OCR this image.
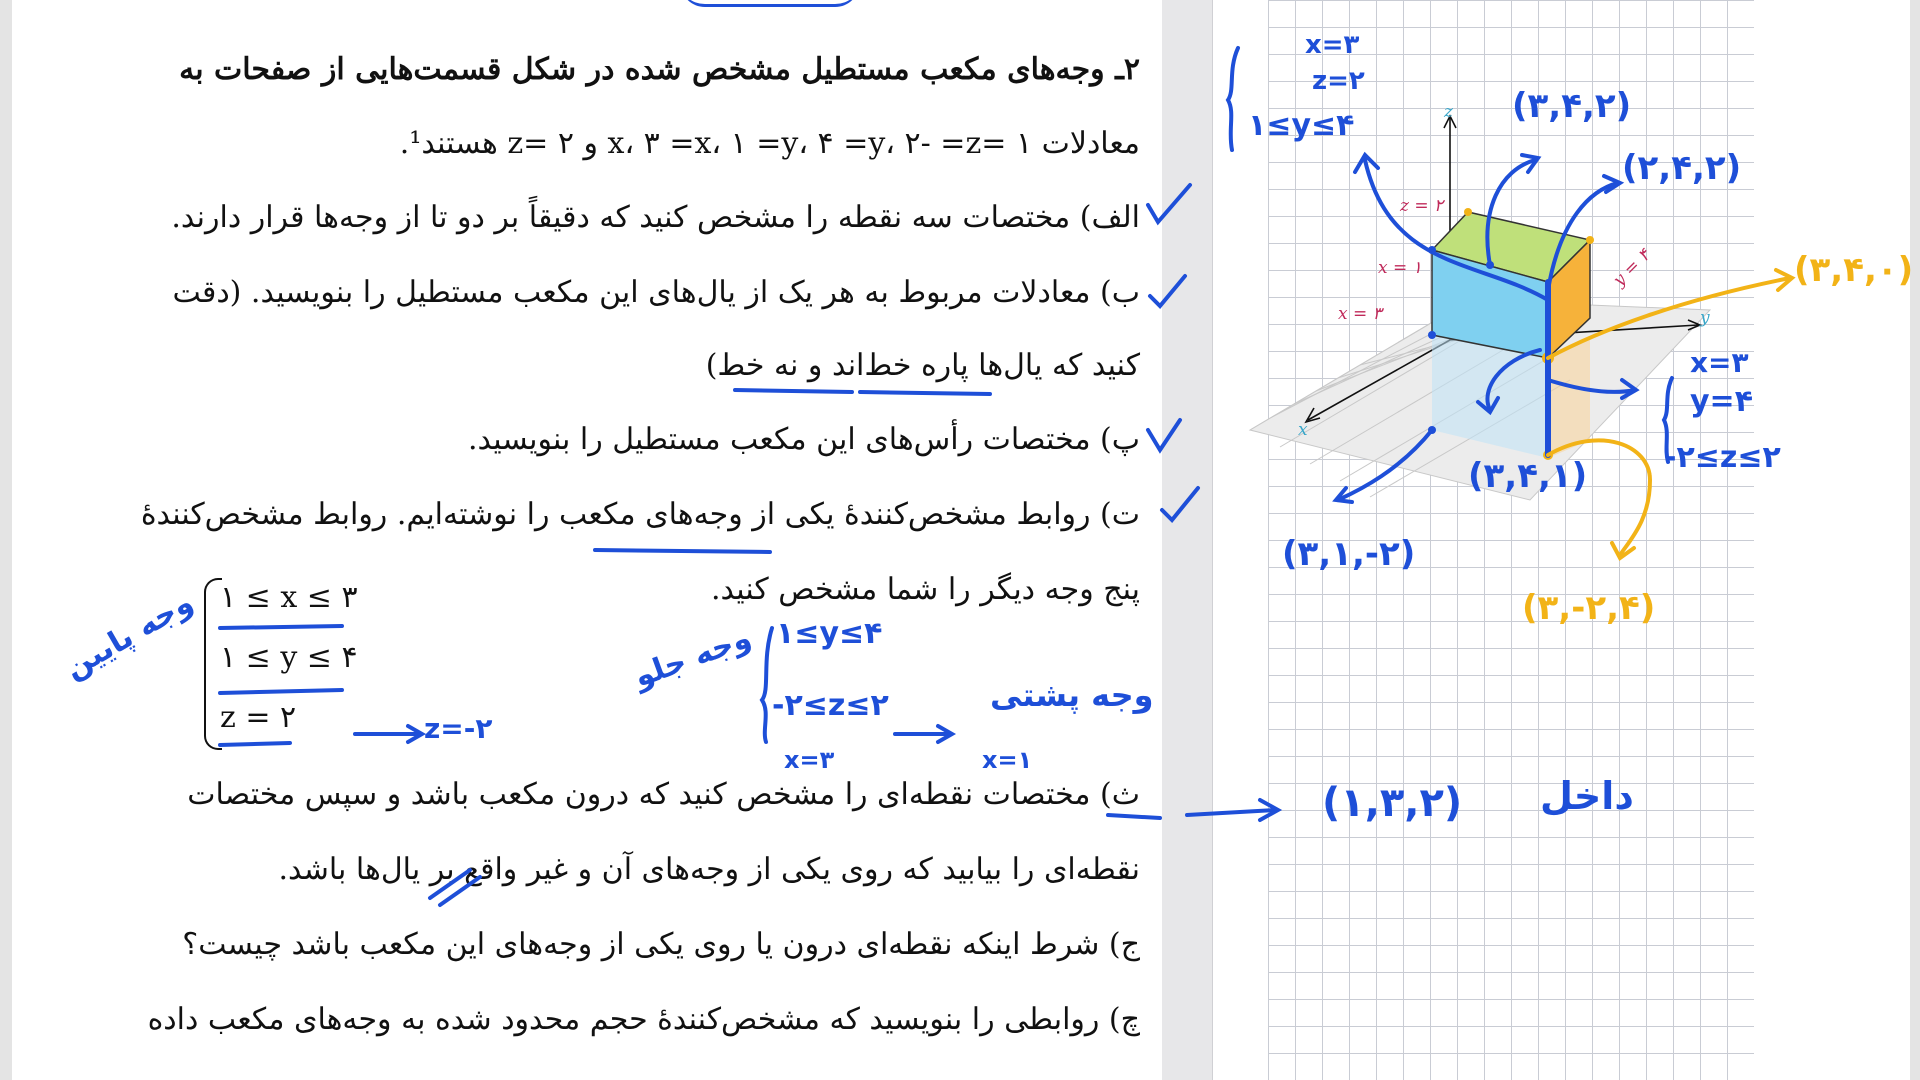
۲ـ وجه‌های مکعب مستطیل مشخص شده در شکل قسمت‌هایی از صفحات به
معادلات ۱ =x، ۳ =x، ۱ =y، ۴ =y، ۲- =z و ۲ =z هستند¹.
الف) مختصات سه نقطه را مشخص کنید که دقیقاً بر دو تا از وجه‌ها قرار دارند.
ب) معادلات مربوط به هر یک از یال‌های این مکعب مستطیل را بنویسید. (دقت
کنید که یال‌ها پاره خط‌اند و نه خط)
پ) مختصات رأس‌های این مکعب مستطیل را بنویسید.
ت) روابط مشخص‌کنندهٔ یکی از وجه‌های مکعب را نوشته‌ایم. روابط مشخص‌کنندهٔ
پنج وجه دیگر را شما مشخص کنید.
ث) مختصات نقطه‌ای را مشخص کنید که درون مکعب باشد و سپس مختصات
نقطه‌ای را بیابید که روی یکی از وجه‌های آن و غیر واقع بر یال‌ها باشد.
ج) شرط اینکه نقطه‌ای درون یا روی یکی از وجه‌های این مکعب باشد چیست؟
چ) روابطی را بنویسید که مشخص‌کنندهٔ حجم محدود شده به وجه‌های مکعب داده
۱ ≤ x ≤ ۳
۱ ≤ y ≤ ۴
z = ۲
z
y
x
z = ۲
x = ۱
x = ۳
y = ۴
x=۳
z=۲
۱≤y≤۴	(۳,۴,۲)
(۲,۴,۲)
(۳,۴,۰)
x=۳
y=۴
-۲≤z≤۲
(۳,۴,۱)
(۳,۱,-۲)
(۳,-۲,۴)
۱≤y≤۴
-۲≤z≤۲
x=۳	x=۱
وجه پایین	وجه جلو
وجه پشتی
z=-۲
داخل
(۱,۳,۲)
